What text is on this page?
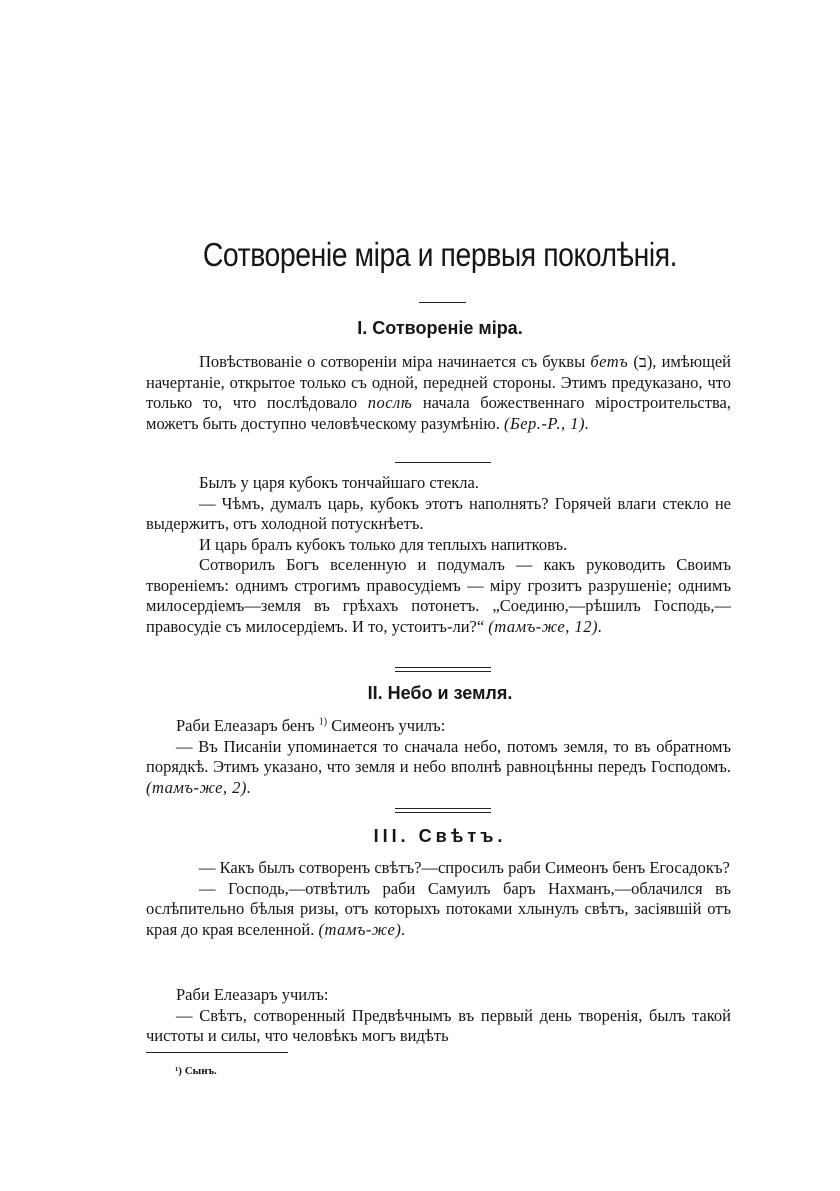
Сотвореніе міра и первыя поколѣнія.
I. Сотвореніе міра.

Повѣствованіе о сотвореніи міра начинается съ буквы бетъ (ב), имѣющей начертаніе, открытое только съ одной, передней стороны. Этимъ предуказано, что только то, что послѣдовало послѣ начала божественнаго міростроительства, можетъ быть доступно человѣческому разумѣнію. (Бер.-Р., 1).

Былъ у царя кубокъ тончайшаго стекла.

— Чѣмъ, думалъ царь, кубокъ этотъ наполнять? Горячей влаги стекло не выдержитъ, отъ холодной потускнѣетъ.

И царь бралъ кубокъ только для теплыхъ напитковъ.

Сотворилъ Богъ вселенную и подумалъ — какъ руководить Своимъ твореніемъ: однимъ строгимъ правосудіемъ — міру грозитъ разрушеніе; однимъ милосердіемъ—земля въ грѣхахъ потонетъ. „Соединю,—рѣшилъ Господь,—правосудіе съ милосердіемъ. И то, устоитъ-ли?“ (тамъ-же, 12).

II. Небо и земля.

Раби Елеазаръ бенъ $^{1)}$ Симеонъ училъ:

— Въ Писаніи упоминается то сначала небо, потомъ земля, то въ обратномъ порядкѣ. Этимъ указано, что земля и небо вполнѣ равноцѣнны передъ Господомъ. (тамъ-же, 2).

III. Свѣтъ.

— Какъ былъ сотворенъ свѣтъ?—спросилъ раби Симеонъ бенъ Егосадокъ?

— Господь,—отвѣтилъ раби Самуилъ баръ Нахманъ,—облачился въ ослѣпительно бѣлыя ризы, отъ которыхъ потоками хлынулъ свѣтъ, засіявшій отъ края до края вселенной. (тамъ-же).

Раби Елеазаръ училъ:

— Свѣтъ, сотворенный Предвѣчнымъ въ первый день творенія, былъ такой чистоты и силы, что человѣкъ могъ видѣть

¹) Сынъ.
